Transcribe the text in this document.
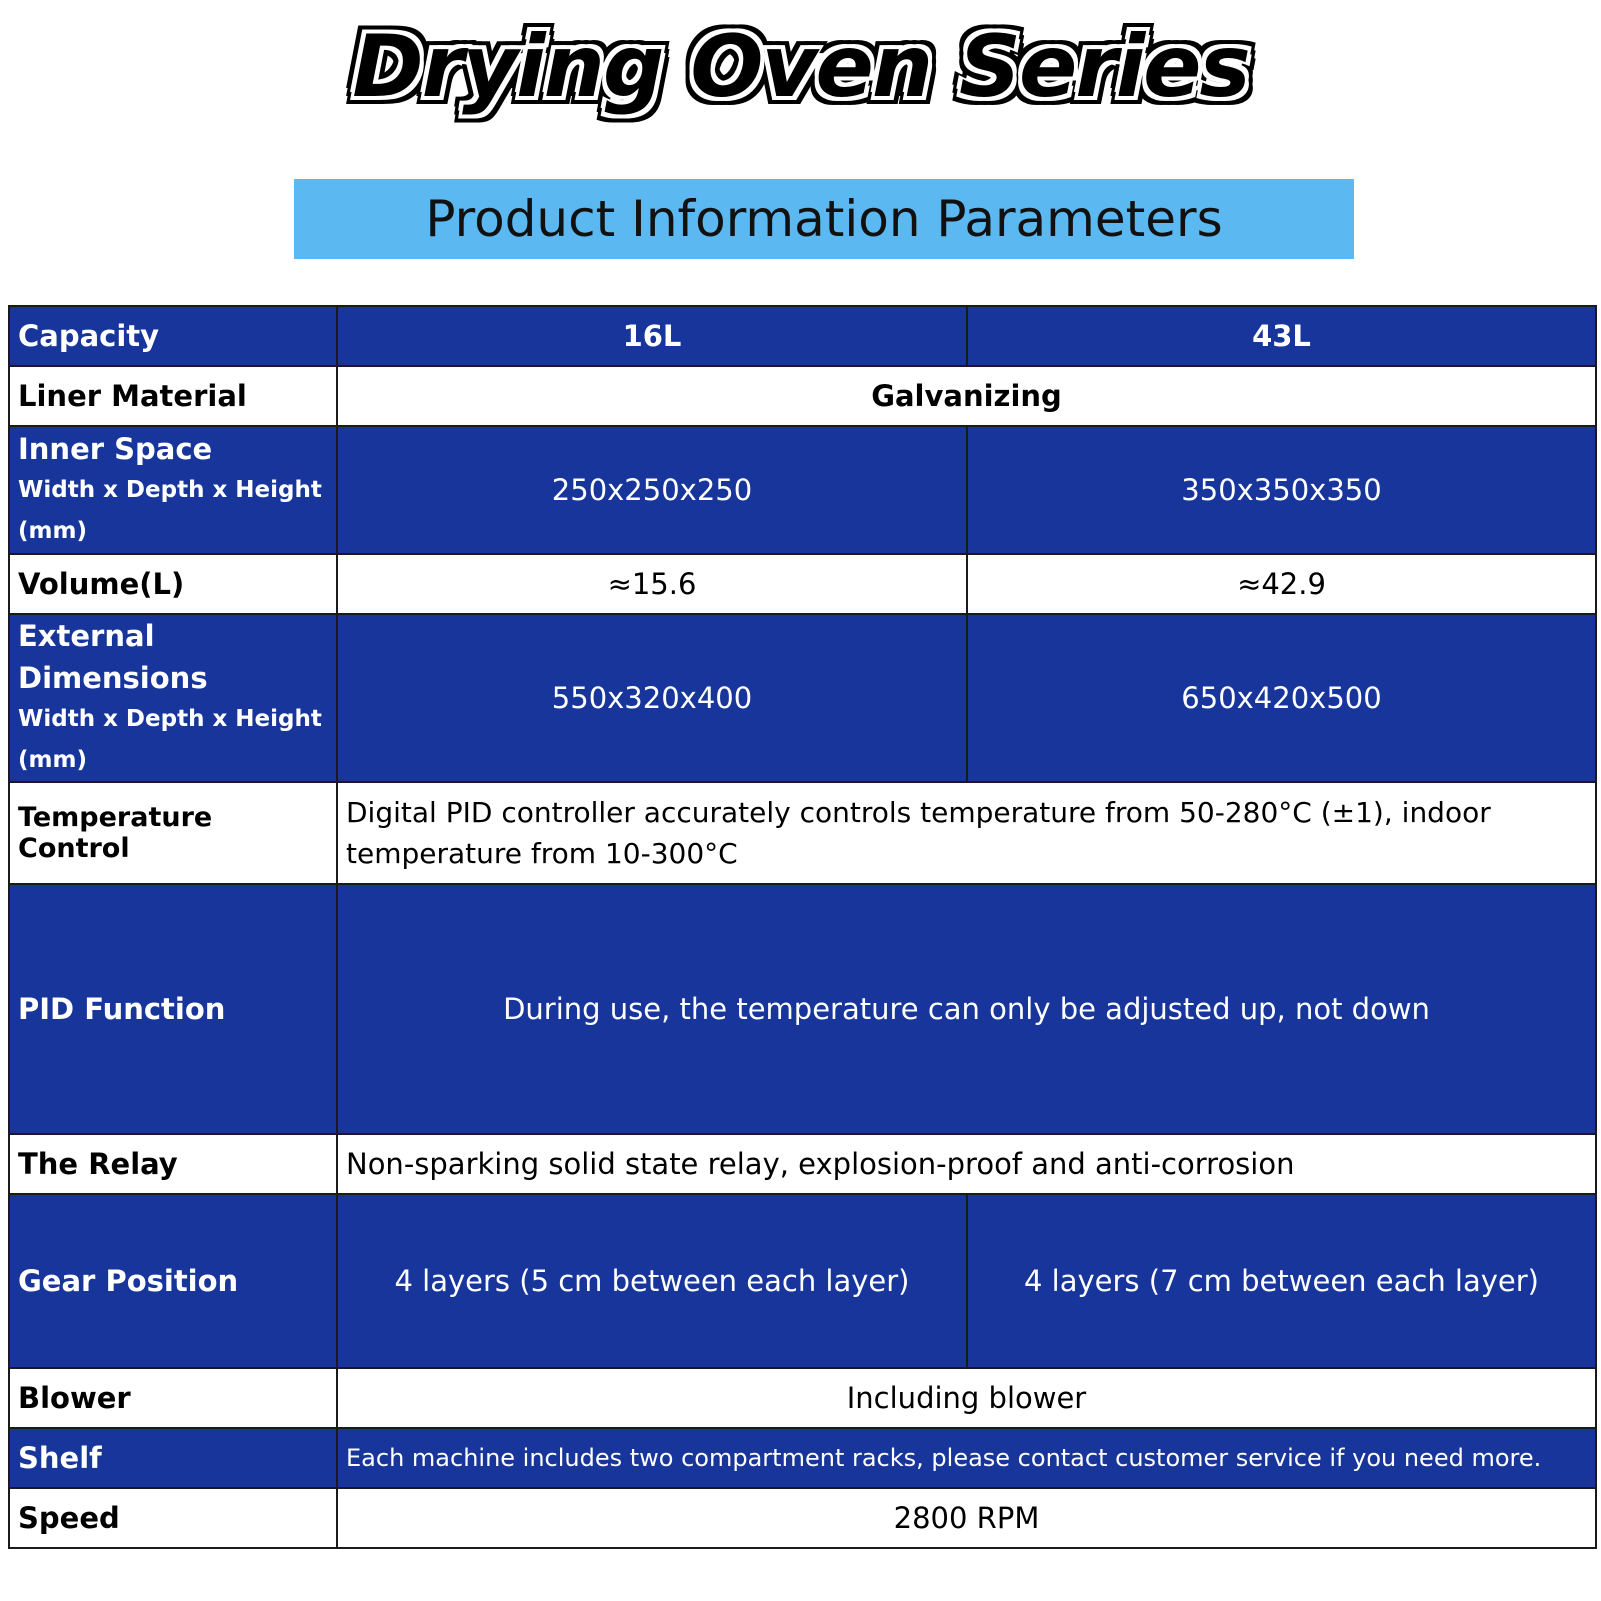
Drying Oven Series
Product Information Parameters
Capacity	16L	43L
Liner Material	Galvanizing	

Inner Space
Width x Depth x Height
(mm)	250x250x250	350x350x350
Volume(L)	≈15.6	≈42.9

External Dimensions
Width x Depth x Height
(mm)	550x320x400	650x420x500
Temperature Control	Digital PID controller accurately controls temperature from 50-280°C (±1), indoor temperature from 10-300°C	
PID Function	During use, the temperature can only be adjusted up, not down	
The Relay	Non-sparking solid state relay, explosion-proof and anti-corrosion	
Gear Position	4 layers (5 cm between each layer)	4 layers (7 cm between each layer)
Blower	Including blower	
Shelf	Each machine includes two compartment racks, please contact customer service if you need more.	
Speed	2800 RPM	
